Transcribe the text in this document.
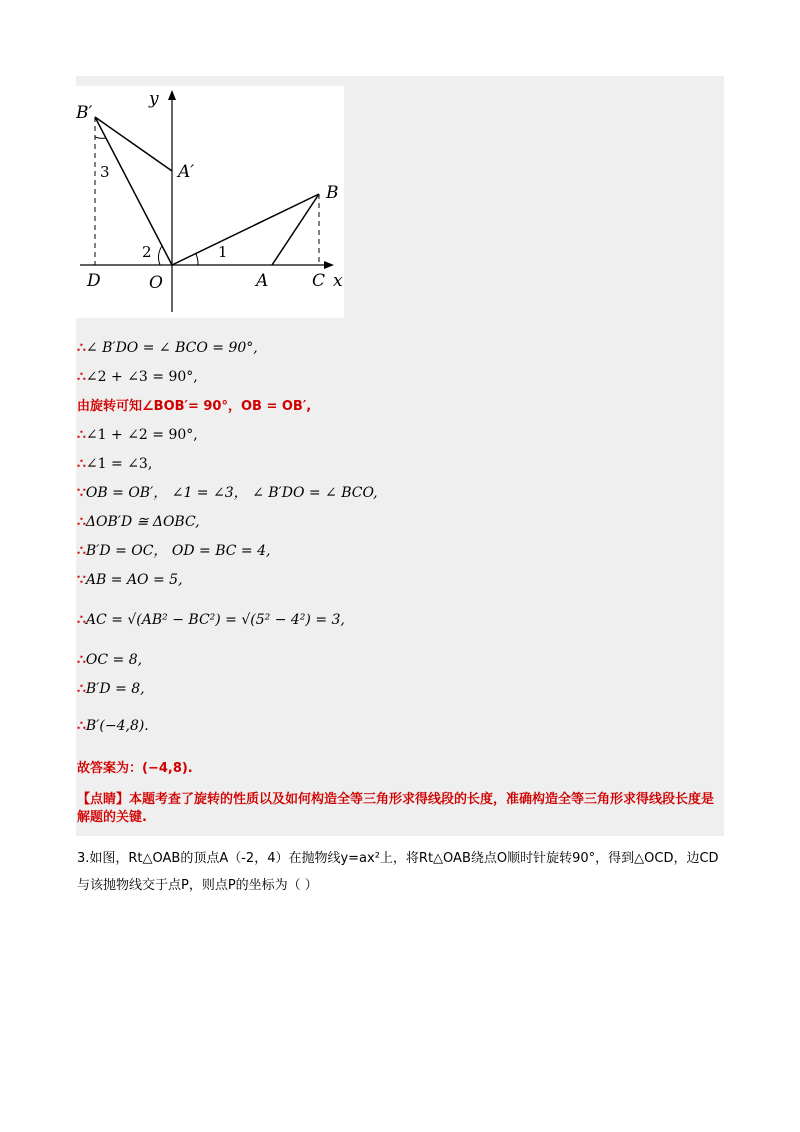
B′
y
A′
B
D	O	A	C x
1
2
3
∴∠ B′DO = ∠ BCO = 90°,
∴∠2 + ∠3 = 90°,
由旋转可知∠BOB′= 90°，OB = OB′,
∴∠1 + ∠2 = 90°,
∴∠1 = ∠3,
∵OB = OB′， ∠1 = ∠3， ∠ B′DO = ∠ BCO,
∴ΔOB′D ≅ ΔOBC,
∴B′D = OC， OD = BC = 4,
∵AB = AO = 5,
∴AC = √(AB² − BC²) = √(5² − 4²) = 3,
∴OC = 8,
∴B′D = 8,
∴B′(−4,8).
故答案为：(−4,8).
【点睛】本题考查了旋转的性质以及如何构造全等三角形求得线段的长度，准确构造全等三角形求得线段长度是解题的关键.
3.如图，Rt△OAB的顶点A（-2，4）在抛物线y=ax²上，将Rt△OAB绕点O顺时针旋转90°，得到△OCD，边CD与该抛物线交于点P，则点P的坐标为（ ）
